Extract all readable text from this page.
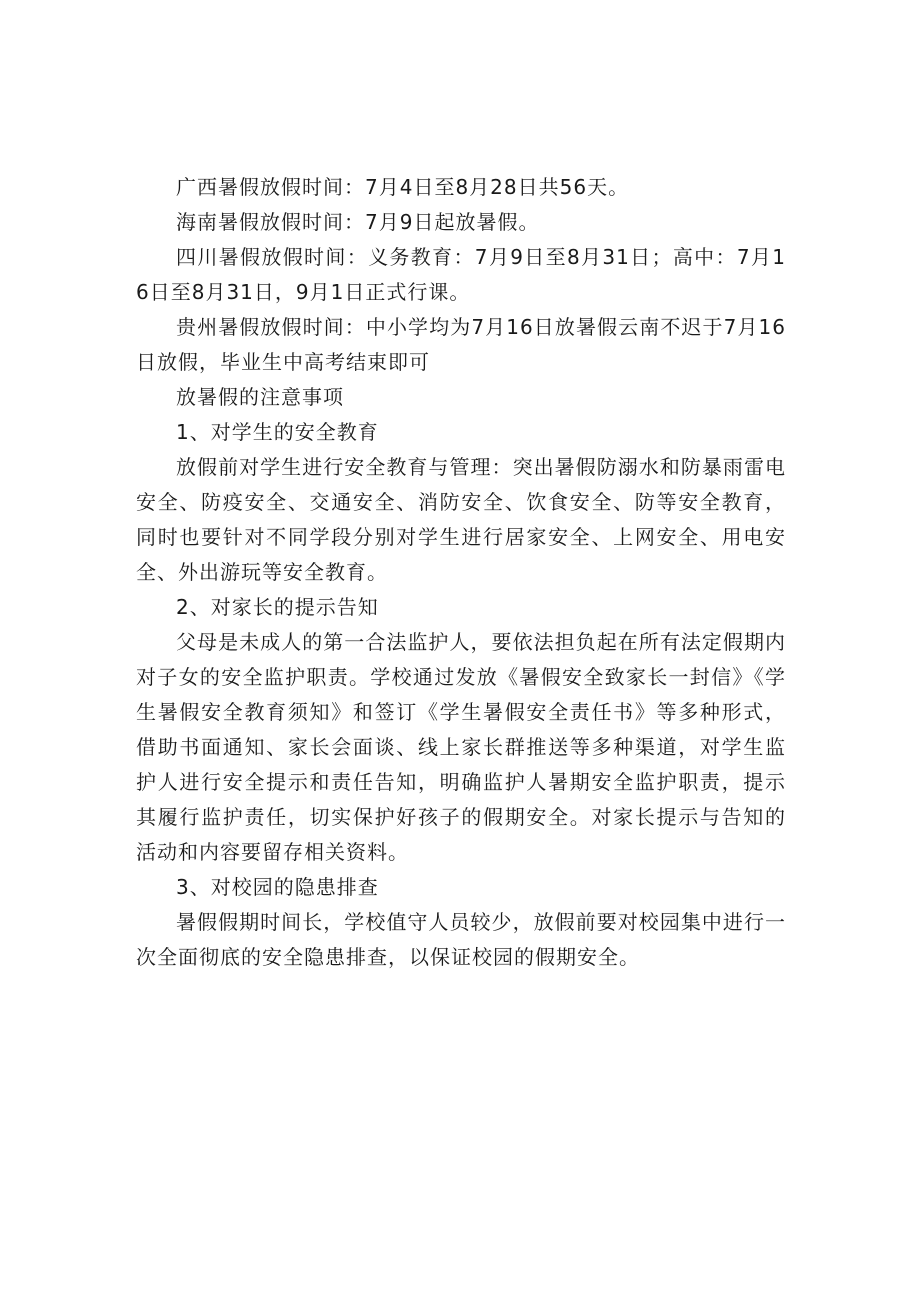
广西暑假放假时间：7月4日至8月28日共56天。

海南暑假放假时间：7月9日起放暑假。

四川暑假放假时间：义务教育：7月9日至8月31日；高中：7月16日至8月31日，9月1日正式行课。

贵州暑假放假时间：中小学均为7月16日放暑假云南不迟于7月16日放假，毕业生中高考结束即可

放暑假的注意事项

1、对学生的安全教育

放假前对学生进行安全教育与管理：突出暑假防溺水和防暴雨雷电安全、防疫安全、交通安全、消防安全、饮食安全、防等安全教育，同时也要针对不同学段分别对学生进行居家安全、上网安全、用电安全、外出游玩等安全教育。

2、对家长的提示告知

父母是未成人的第一合法监护人，要依法担负起在所有法定假期内对子女的安全监护职责。学校通过发放《暑假安全致家长一封信》《学生暑假安全教育须知》和签订《学生暑假安全责任书》等多种形式，借助书面通知、家长会面谈、线上家长群推送等多种渠道，对学生监护人进行安全提示和责任告知，明确监护人暑期安全监护职责，提示其履行监护责任，切实保护好孩子的假期安全。对家长提示与告知的活动和内容要留存相关资料。

3、对校园的隐患排查

暑假假期时间长，学校值守人员较少，放假前要对校园集中进行一次全面彻底的安全隐患排查，以保证校园的假期安全。
